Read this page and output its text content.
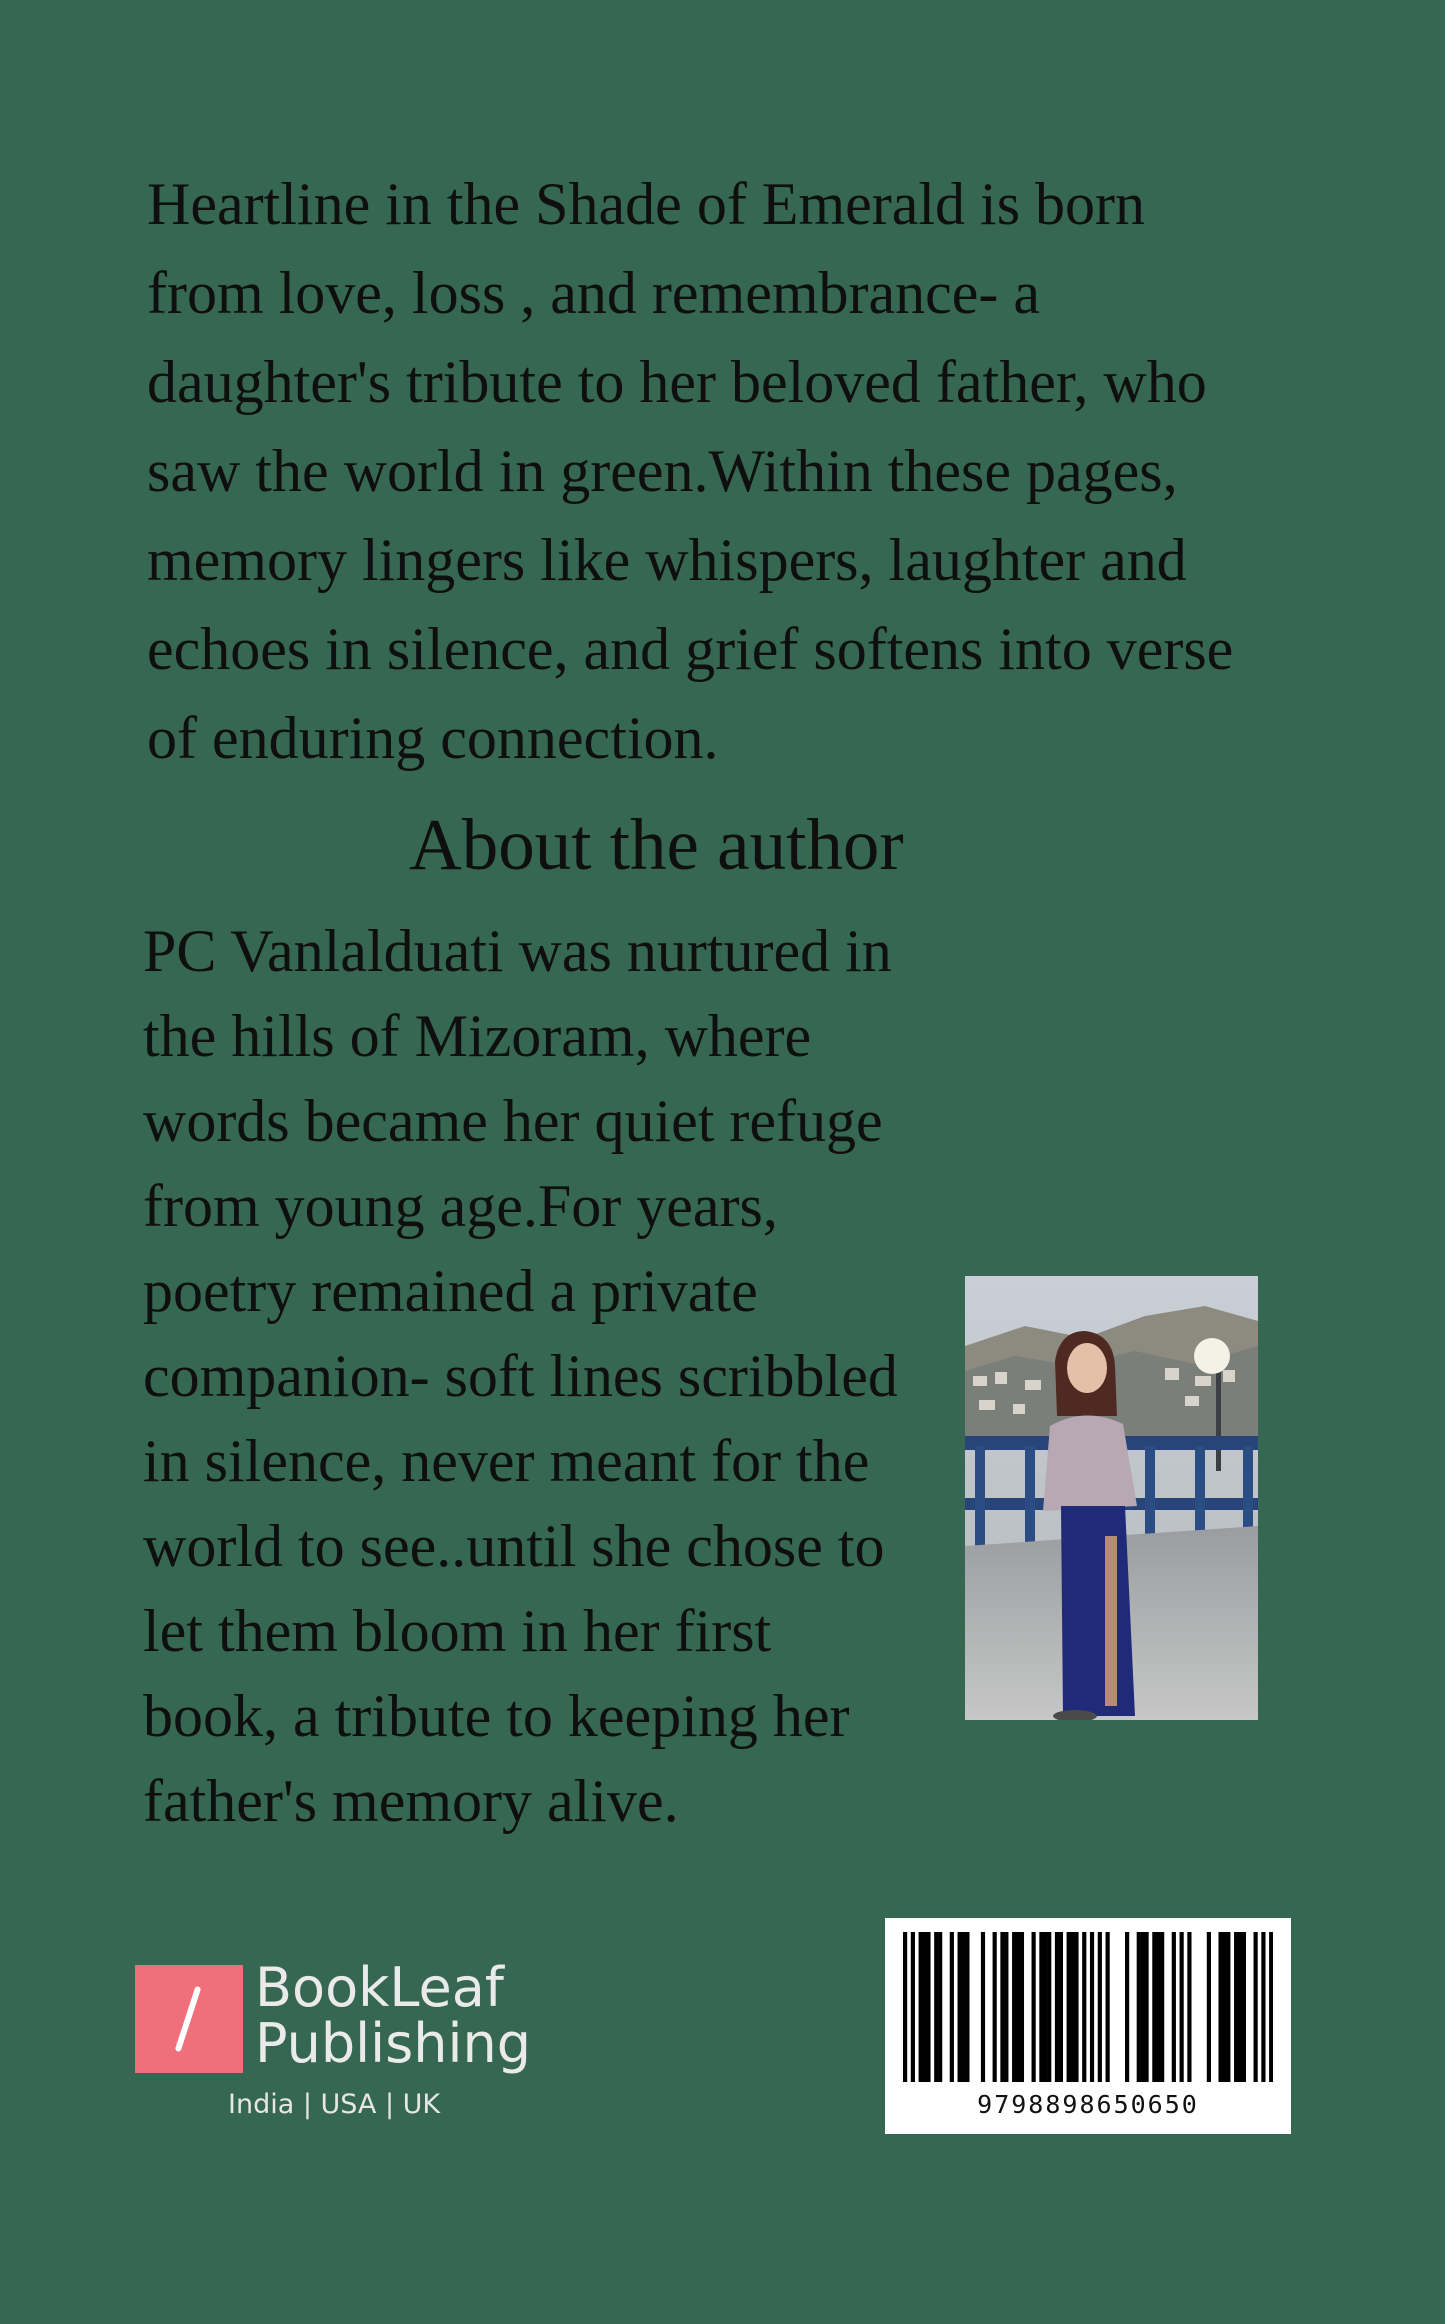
Heartline in the Shade of Emerald is born
from love, loss , and remembrance- a
daughter's tribute to her beloved father, who
saw the world in green.Within these pages,
memory lingers like whispers, laughter and
echoes in silence, and grief softens into verse
of enduring connection.
About the author
PC Vanlalduati was nurtured in
the hills of Mizoram, where
words became her quiet refuge
from young age.For years,
poetry remained a private
companion- soft lines scribbled
in silence, never meant for the
world to see..until she chose to
let them bloom in her first
book, a tribute to keeping her
father's memory alive.
BookLeaf
Publishing
India | USA | UK	9798898650650
